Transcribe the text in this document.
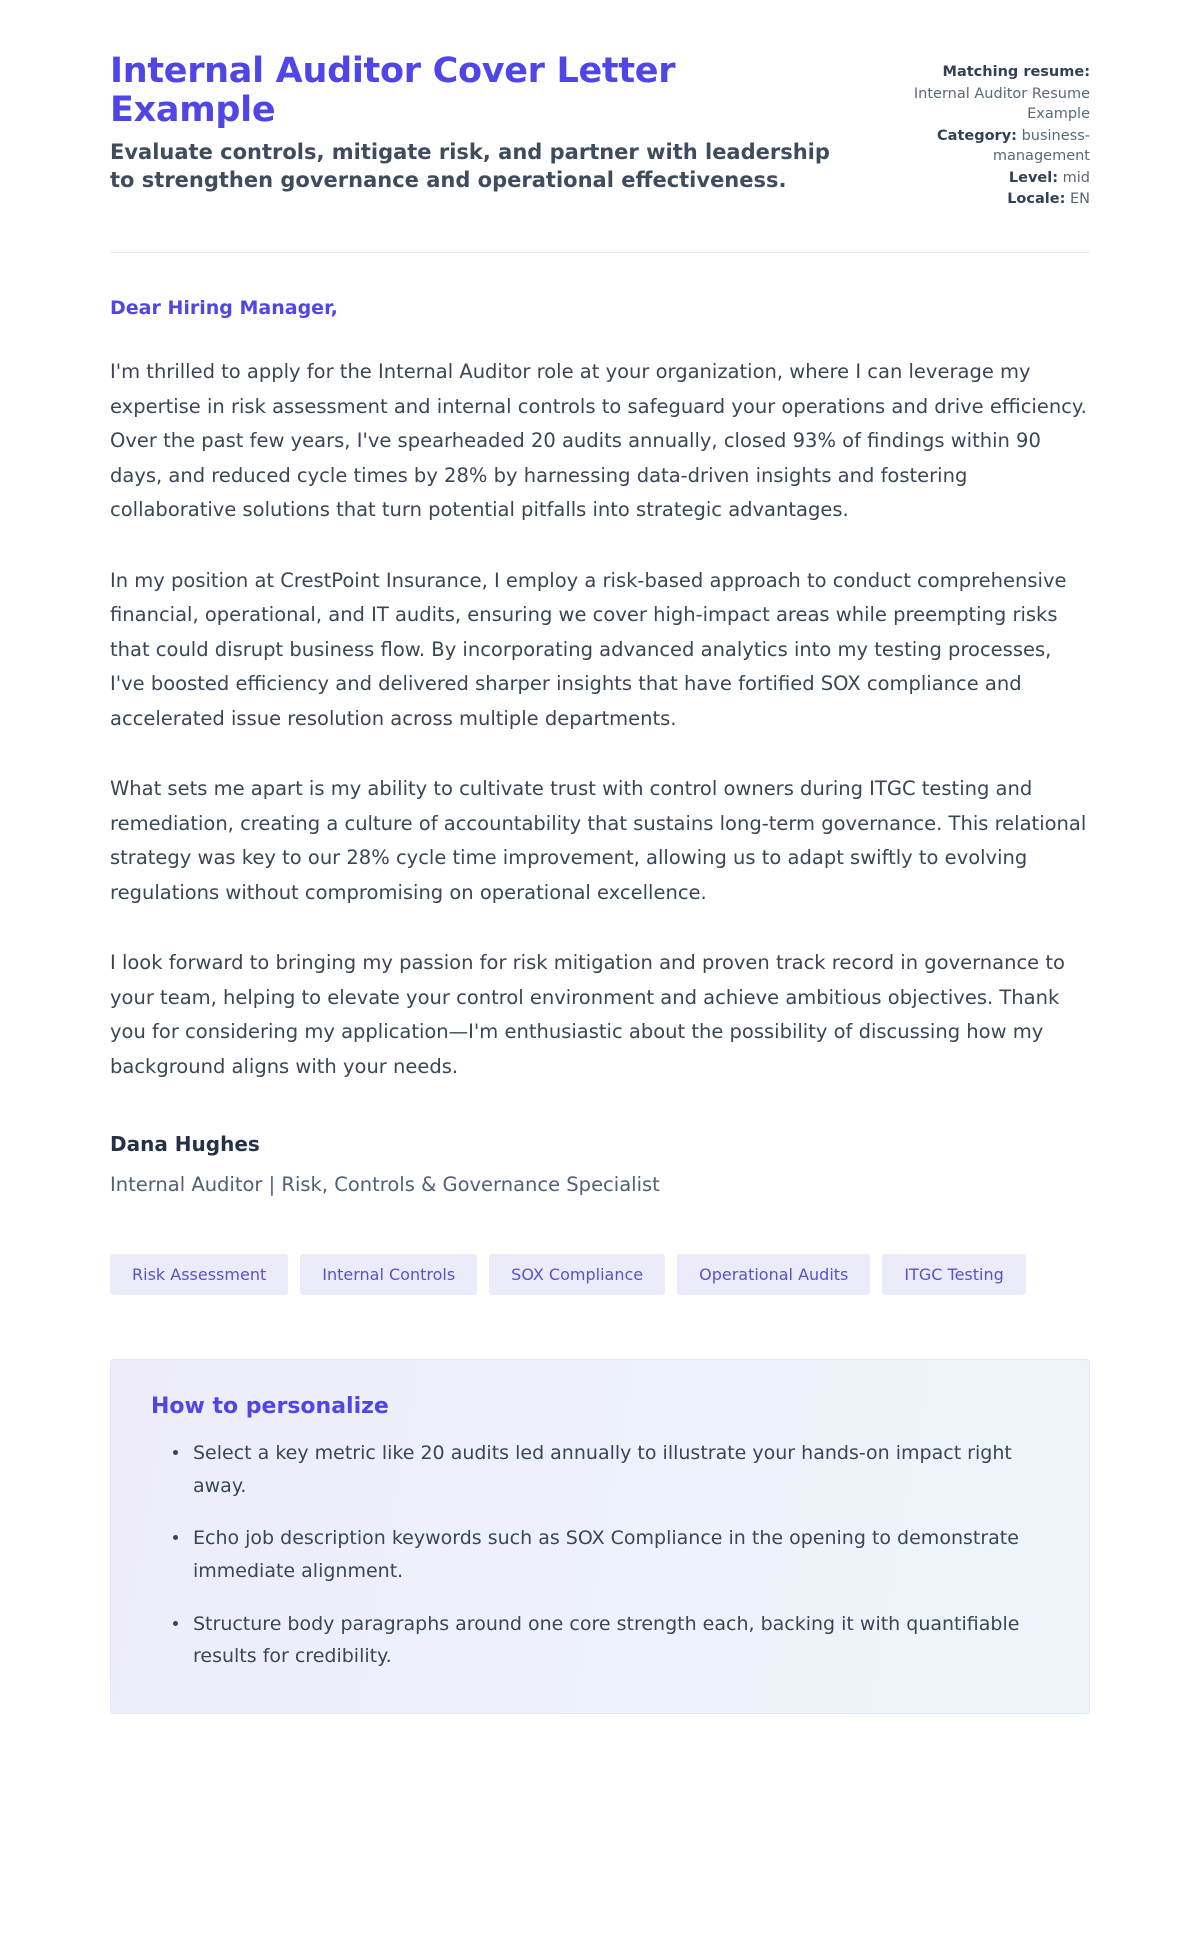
Internal Auditor Cover Letter Example

Evaluate controls, mitigate risk, and partner with leadership to strengthen governance and operational effectiveness.

Matching resume:
Internal Auditor Resume Example
Category: business-management
Level: mid
Locale: EN

Dear Hiring Manager,

I'm thrilled to apply for the Internal Auditor role at your organization, where I can leverage my expertise in risk assessment and internal controls to safeguard your operations and drive efficiency. Over the past few years, I've spearheaded 20 audits annually, closed 93% of findings within 90 days, and reduced cycle times by 28% by harnessing data-driven insights and fostering collaborative solutions that turn potential pitfalls into strategic advantages.

In my position at CrestPoint Insurance, I employ a risk-based approach to conduct comprehensive financial, operational, and IT audits, ensuring we cover high-impact areas while preempting risks that could disrupt business flow. By incorporating advanced analytics into my testing processes, I've boosted efficiency and delivered sharper insights that have fortified SOX compliance and accelerated issue resolution across multiple departments.

What sets me apart is my ability to cultivate trust with control owners during ITGC testing and remediation, creating a culture of accountability that sustains long-term governance. This relational strategy was key to our 28% cycle time improvement, allowing us to adapt swiftly to evolving regulations without compromising on operational excellence.

I look forward to bringing my passion for risk mitigation and proven track record in governance to your team, helping to elevate your control environment and achieve ambitious objectives. Thank you for considering my application—I'm enthusiastic about the possibility of discussing how my background aligns with your needs.

Dana Hughes

Internal Auditor | Risk, Controls & Governance Specialist

Risk Assessment	Internal Controls	SOX Compliance	Operational Audits	ITGC Testing
How to personalize
Select a key metric like 20 audits led annually to illustrate your hands-on impact right away.
Echo job description keywords such as SOX Compliance in the opening to demonstrate immediate alignment.
Structure body paragraphs around one core strength each, backing it with quantifiable results for credibility.
